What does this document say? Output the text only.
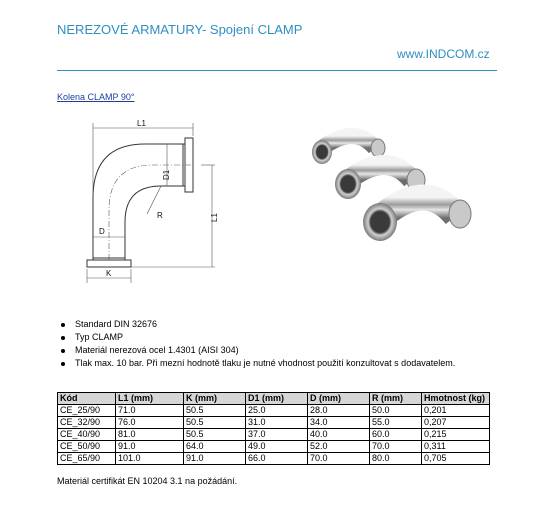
NEREZOVÉ ARMATURY- Spojení CLAMP
www.INDCOM.cz
Kolena CLAMP 90°
L1
D1
R	L1
D
K
Standard DIN 32676
Typ CLAMP
Materiál nerezová ocel 1.4301 (AISI 304)
Tlak max. 10 bar. Při mezní hodnotě tlaku je nutné vhodnost použití konzultovat s dodavatelem.
Kód	L1 (mm)	K (mm)	D1 (mm)	D (mm)	R (mm)	Hmotnost (kg)
CE_25/90	71.0	50.5	25.0	28.0	50.0	0,201
CE_32/90	76.0	50.5	31.0	34.0	55.0	0,207
CE_40/90	81.0	50.5	37.0	40.0	60.0	0,215
CE_50/90	91.0	64.0	49.0	52.0	70.0	0,311
CE_65/90	101.0	91.0	66.0	70.0	80.0	0,705
Materiál certifikát EN 10204 3.1 na požádání.
